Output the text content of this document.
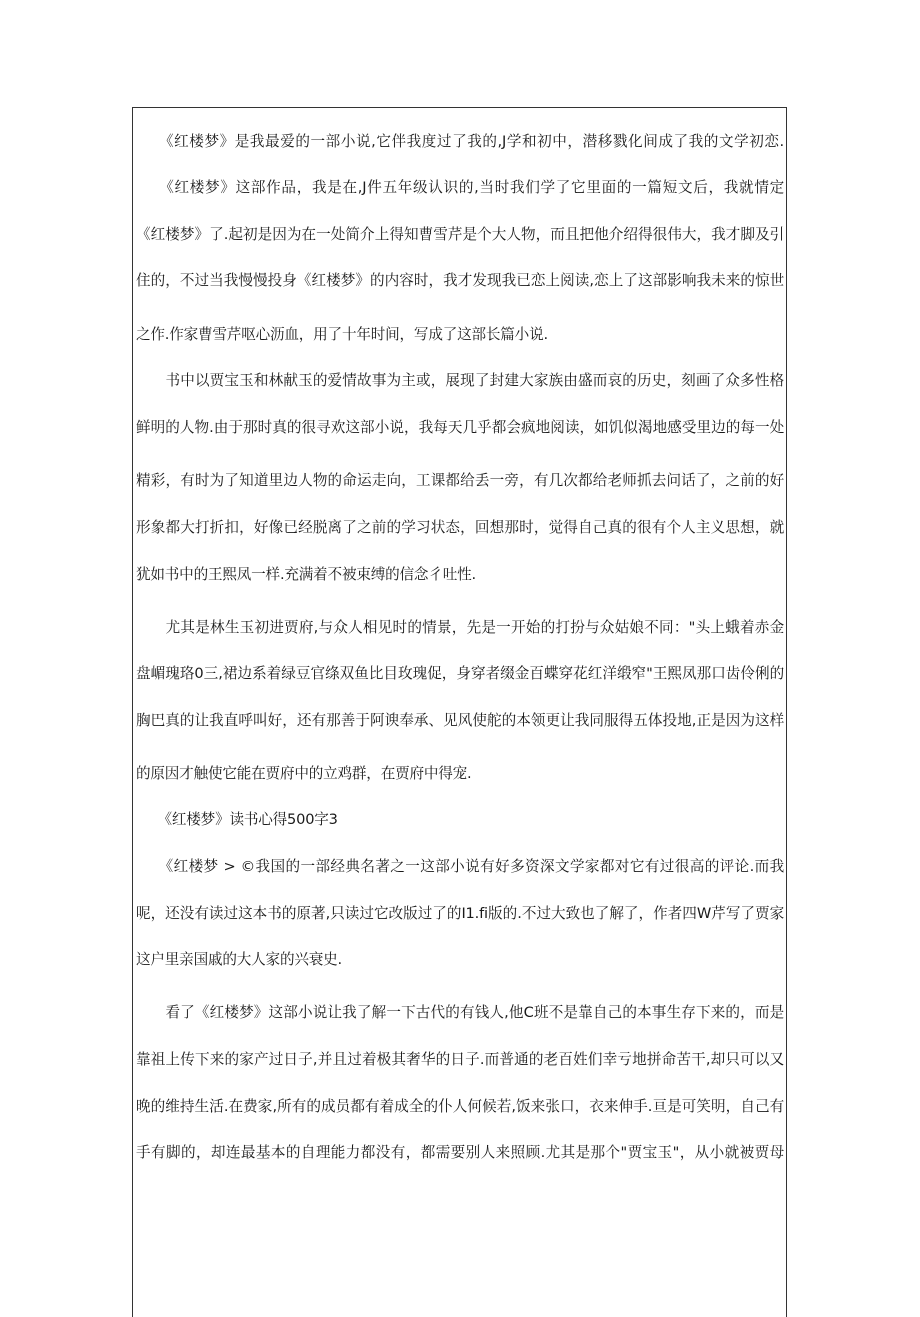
　　《红楼梦》是我最爱的一部小说,它伴我度过了我的,J学和初中，潜移戮化间成了我的文学初恋.
　　《红楼梦》这部作品，我是在,J件五年级认识的,当时我们学了它里面的一篇短文后，我就情定
《红楼梦》了.起初是因为在一处简介上得知曹雪芹是个大人物，而且把他介绍得很伟大，我才脚及引
住的，不过当我慢慢投身《红楼梦》的内容时，我才发现我已恋上阅读,恋上了这部影响我未来的惊世
之作.作家曹雪芹呕心沥血，用了十年时间，写成了这部长篇小说.
　　书中以贾宝玉和林献玉的爱情故事为主或，展现了封建大家族由盛而哀的历史，刻画了众多性格
鲜明的人物.由于那时真的很寻欢这部小说，我每天几乎都会疯地阅读，如饥似渴地感受里边的每一处
精彩，有时为了知道里边人物的命运走向，工课都给丢一旁，有几次都给老师抓去问话了，之前的好
形象都大打折扣，好像已经脱离了之前的学习状态，回想那时，觉得自己真的很有个人主义思想，就
犹如书中的王熙凤一样.充满着不被束缚的信念彳吐性.
　　尤其是林生玉初进贾府,与众人相见时的情景，先是一开始的打扮与众姑娘不同："头上蛾着赤金
盘嵋瑰珞0三,裙边系着绿豆官绦双鱼比目玫瑰促，身穿者缀金百蝶穿花红洋缎窄"王熙凤那口齿伶俐的
胸巴真的让我直呼叫好，还有那善于阿谀奉承、见风使舵的本领更让我同服得五体投地,正是因为这样
的原因才触使它能在贾府中的立鸡群，在贾府中得宠.
　　《红楼梦》读书心得500字3
　　《红楼梦 > ©我国的一部经典名著之一这部小说有好多资深文学家都对它有过很高的评论.而我
呢，还没有读过这本书的原著,只读过它改版过了的I1.fi版的.不过大致也了解了，作者四W芹写了贾家
这户里亲国戚的大人家的兴衰史.
　　看了《红楼梦》这部小说让我了解一下古代的有钱人,他C班不是靠自己的本事生存下来的，而是
靠祖上传下来的家产过日子,并且过着极其奢华的日子.而普通的老百姓们幸亏地拼命苦干,却只可以又
晚的维持生活.在费家,所有的成员都有着成全的仆人何候若,饭来张口，衣来伸手.亘是可笑明，自己有
手有脚的，却连最基本的自理能力都没有，都需要别人来照顾.尤其是那个"贾宝玉"，从小就被贾母
